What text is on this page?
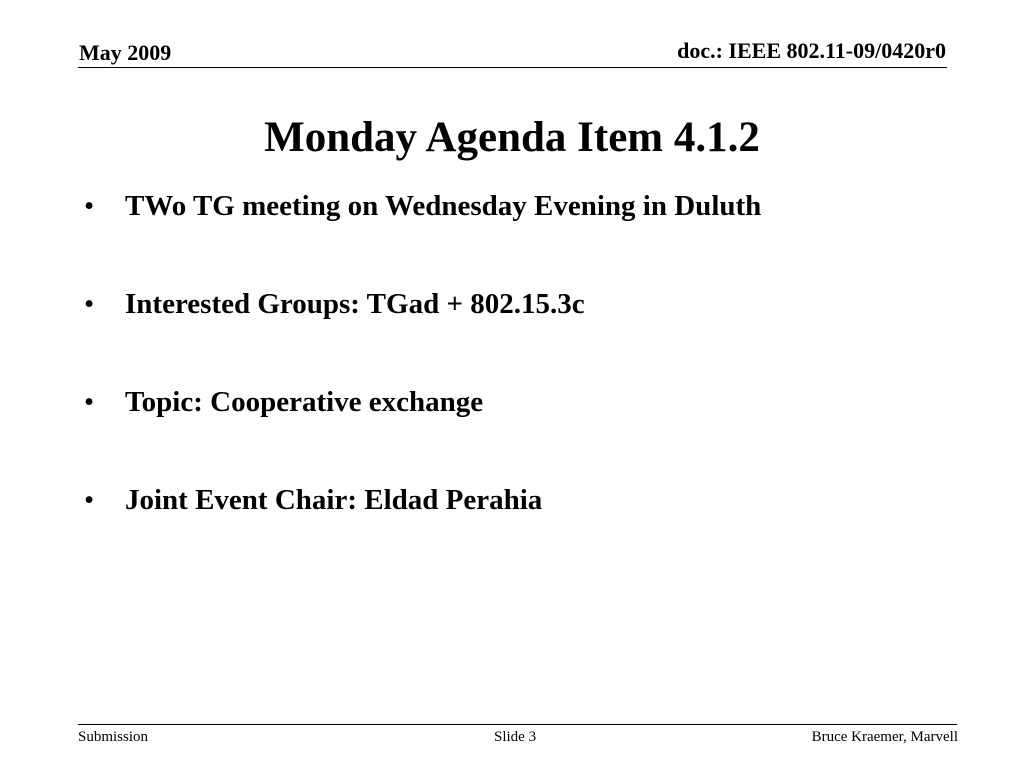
May 2009	doc.: IEEE 802.11-09/0420r0
Monday Agenda Item 4.1.2
• TWo TG meeting on Wednesday Evening in Duluth
• Interested Groups: TGad + 802.15.3c
• Topic: Cooperative exchange
• Joint Event Chair: Eldad Perahia
Submission	Slide 3	Bruce Kraemer, Marvell
